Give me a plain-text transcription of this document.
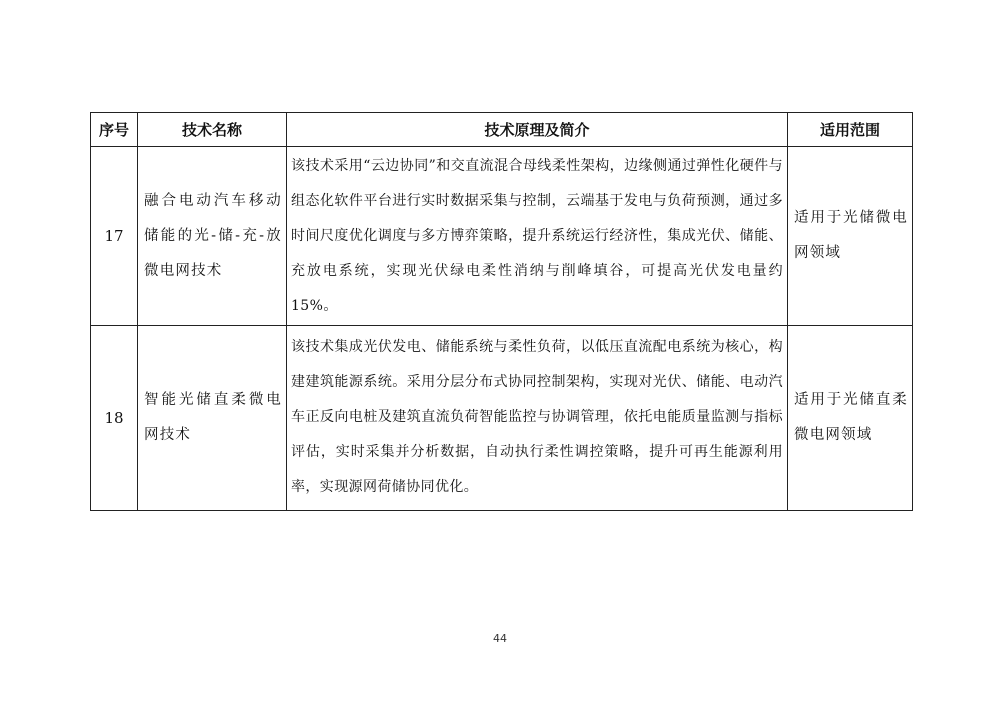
序号	技术名称	技术原理及简介	适用范围
17	融合电动汽车移动储能的光-储-充-放微电网技术	该技术采用“云边协同”和交直流混合母线柔性架构，边缘侧通过弹性化硬件与组态化软件平台进行实时数据采集与控制，云端基于发电与负荷预测，通过多时间尺度优化调度与多方博弈策略，提升系统运行经济性，集成光伏、储能、充放电系统，实现光伏绿电柔性消纳与削峰填谷，可提高光伏发电量约15%。	适用于光储微电网领域
18	智能光储直柔微电网技术	该技术集成光伏发电、储能系统与柔性负荷，以低压直流配电系统为核心，构建建筑能源系统。采用分层分布式协同控制架构，实现对光伏、储能、电动汽车正反向电桩及建筑直流负荷智能监控与协调管理，依托电能质量监测与指标评估，实时采集并分析数据，自动执行柔性调控策略，提升可再生能源利用率，实现源网荷储协同优化。	适用于光储直柔微电网领域
44
